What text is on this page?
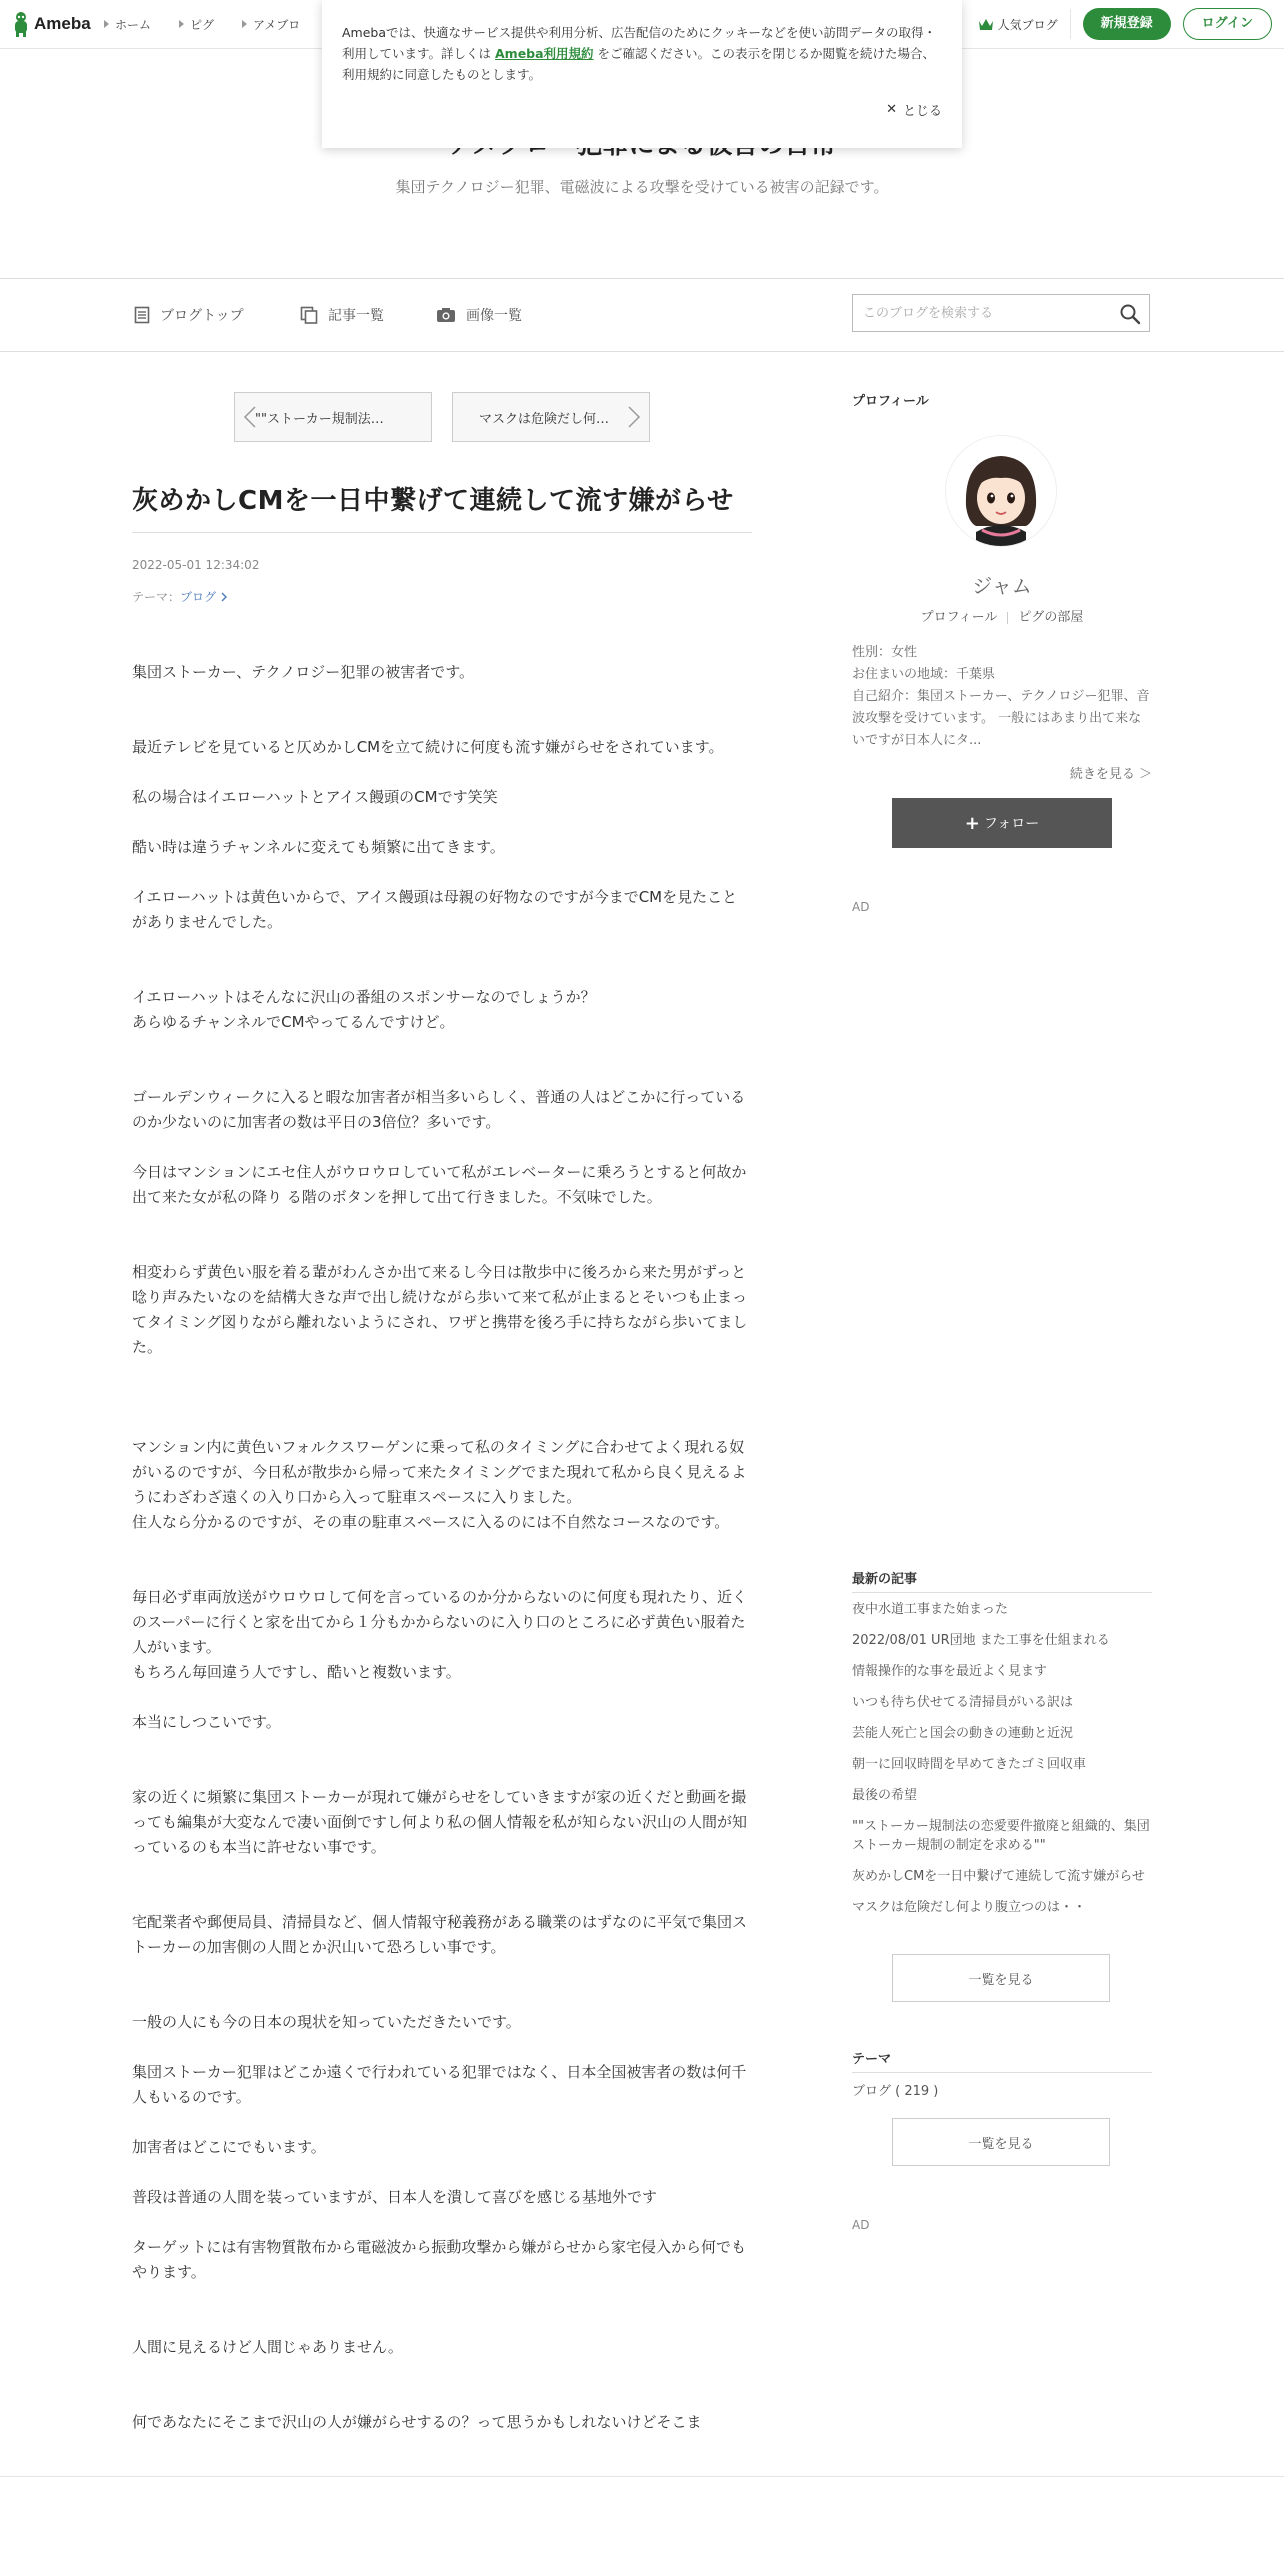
Ameba ホーム	ピグ	アメブロ	人気ブログ	新規登録	ログイン
Amebaでは、快適なサービス提供や利用分析、広告配信のためにクッキーなどを使い訪問データの取得・利用しています。詳しくは Ameba利用規約 をご確認ください。この表示を閉じるか閲覧を続けた場合、利用規約に同意したものとします。
✕ とじる
集団テクノロジー犯罪、電磁波による攻撃を受けている被害の記録です。
ブログトップ	記事一覧	画像一覧
このブログを検索する
""ストーカー規制法…	マスクは危険だし何…
灰めかしCMを一日中繋げて連続して流す嫌がらせ
2022-05-01 12:34:02
テーマ： ブログ

集団ストーカー、テクノロジー犯罪の被害者です。

最近テレビを見ていると仄めかしCMを立て続けに何度も流す嫌がらせをされています。

私の場合はイエローハットとアイス饅頭のCMです笑笑

酷い時は違うチャンネルに変えても頻繁に出てきます。

イエローハットは黄色いからで、アイス饅頭は母親の好物なのですが今までCMを見たことがありませんでした。

イエローハットはそんなに沢山の番組のスポンサーなのでしょうか？
あらゆるチャンネルでCMやってるんですけど。

ゴールデンウィークに入ると暇な加害者が相当多いらしく、普通の人はどこかに行っているのか少ないのに加害者の数は平日の3倍位？多いです。

今日はマンションにエセ住人がウロウロしていて私がエレベーターに乗ろうとすると何故か出て来た女が私の降り る階のボタンを押して出て行きました。不気味でした。

相変わらず黄色い服を着る輩がわんさか出て来るし今日は散歩中に後ろから来た男がずっと唸り声みたいなのを結構大きな声で出し続けながら歩いて来て私が止まるとそいつも止まってタイミング図りながら離れないようにされ、ワザと携帯を後ろ手に持ちながら歩いてました。

マンション内に黄色いフォルクスワーゲンに乗って私のタイミングに合わせてよく現れる奴がいるのですが、今日私が散歩から帰って来たタイミングでまた現れて私から良く見えるようにわざわざ遠くの入り口から入って駐車スペースに入りました。
住人なら分かるのですが、その車の駐車スペースに入るのには不自然なコースなのです。

毎日必ず車両放送がウロウロして何を言っているのか分からないのに何度も現れたり、近くのスーパーに行くと家を出てから１分もかからないのに入り口のところに必ず黄色い服着た人がいます。
もちろん毎回違う人ですし、酷いと複数います。

本当にしつこいです。

家の近くに頻繁に集団ストーカーが現れて嫌がらせをしていきますが家の近くだと動画を撮っても編集が大変なんで凄い面倒ですし何より私の個人情報を私が知らない沢山の人間が知っているのも本当に許せない事です。

宅配業者や郵便局員、清掃員など、個人情報守秘義務がある職業のはずなのに平気で集団ストーカーの加害側の人間とか沢山いて恐ろしい事です。

一般の人にも今の日本の現状を知っていただきたいです。

集団ストーカー犯罪はどこか遠くで行われている犯罪ではなく、日本全国被害者の数は何千人もいるのです。

加害者はどこにでもいます。

普段は普通の人間を装っていますが、日本人を潰して喜びを感じる基地外です

ターゲットには有害物質散布から電磁波から振動攻撃から嫌がらせから家宅侵入から何でもやります。

人間に見えるけど人間じゃありません。

何であなたにそこまで沢山の人が嫌がらせするの？って思うかもしれないけどそこま

プロフィール
ジャム
プロフィール ピグの部屋
性別：女性
お住まいの地域：千葉県
自己紹介：集団ストーカー、テクノロジー犯罪、音波攻撃を受けています。 一般にはあまり出て来ないですが日本人にタ...
続きを見る ＞
+ フォロー
AD
最新の記事
夜中水道工事また始まった
2022/08/01 UR団地 また工事を仕組まれる
情報操作的な事を最近よく見ます
いつも待ち伏せてる清掃員がいる訳は
芸能人死亡と国会の動きの連動と近況
朝一に回収時間を早めてきたゴミ回収車
最後の希望
""ストーカー規制法の恋愛要件撤廃と組織的、集団ストーカー規制の制定を求める""
灰めかしCMを一日中繋げて連続して流す嫌がらせ
マスクは危険だし何より腹立つのは・・
一覧を見る
テーマ
ブログ ( 219 )
一覧を見る
AD
